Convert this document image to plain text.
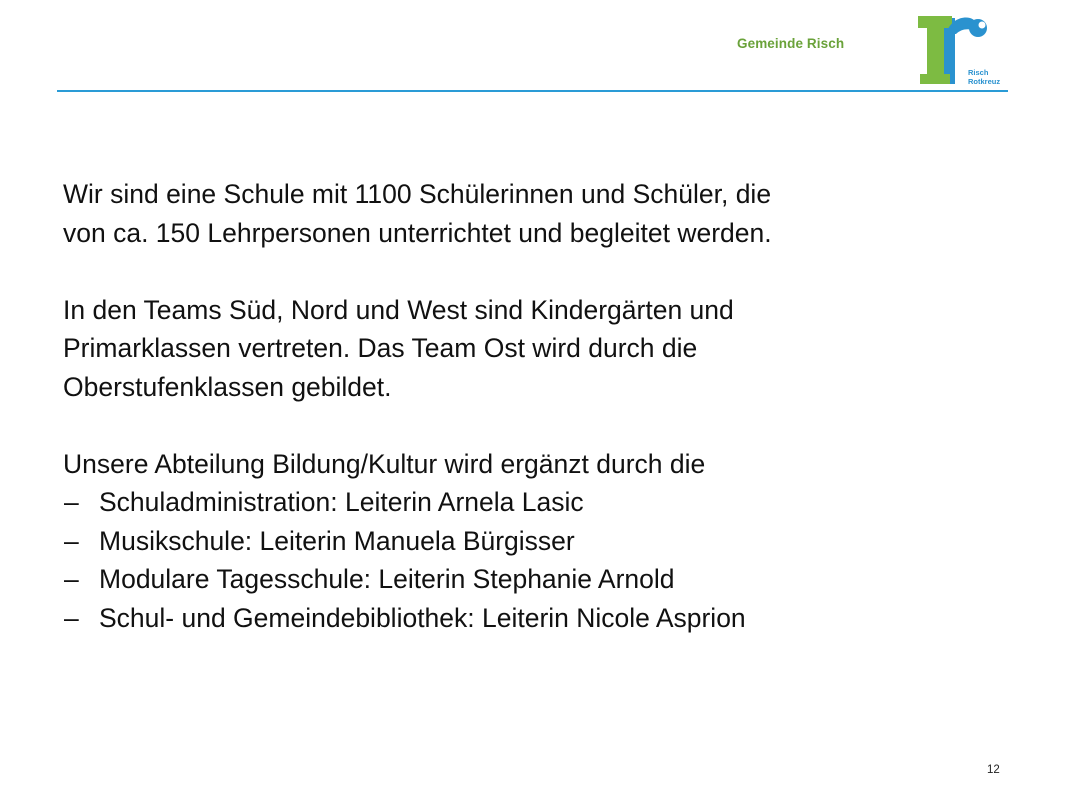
Gemeinde Risch
Risch
Rotkreuz

Wir sind eine Schule mit 1100 Schülerinnen und Schüler, die

von ca. 150 Lehrpersonen unterrichtet und begleitet werden.

In den Teams Süd, Nord und West sind Kindergärten und

Primarklassen vertreten. Das Team Ost wird durch die

Oberstufenklassen gebildet.

Unsere Abteilung Bildung/Kultur wird ergänzt durch die

– Schuladministration: Leiterin Arnela Lasic
– Musikschule: Leiterin Manuela Bürgisser
– Modulare Tagesschule: Leiterin Stephanie Arnold
– Schul- und Gemeindebibliothek: Leiterin Nicole Asprion
12
